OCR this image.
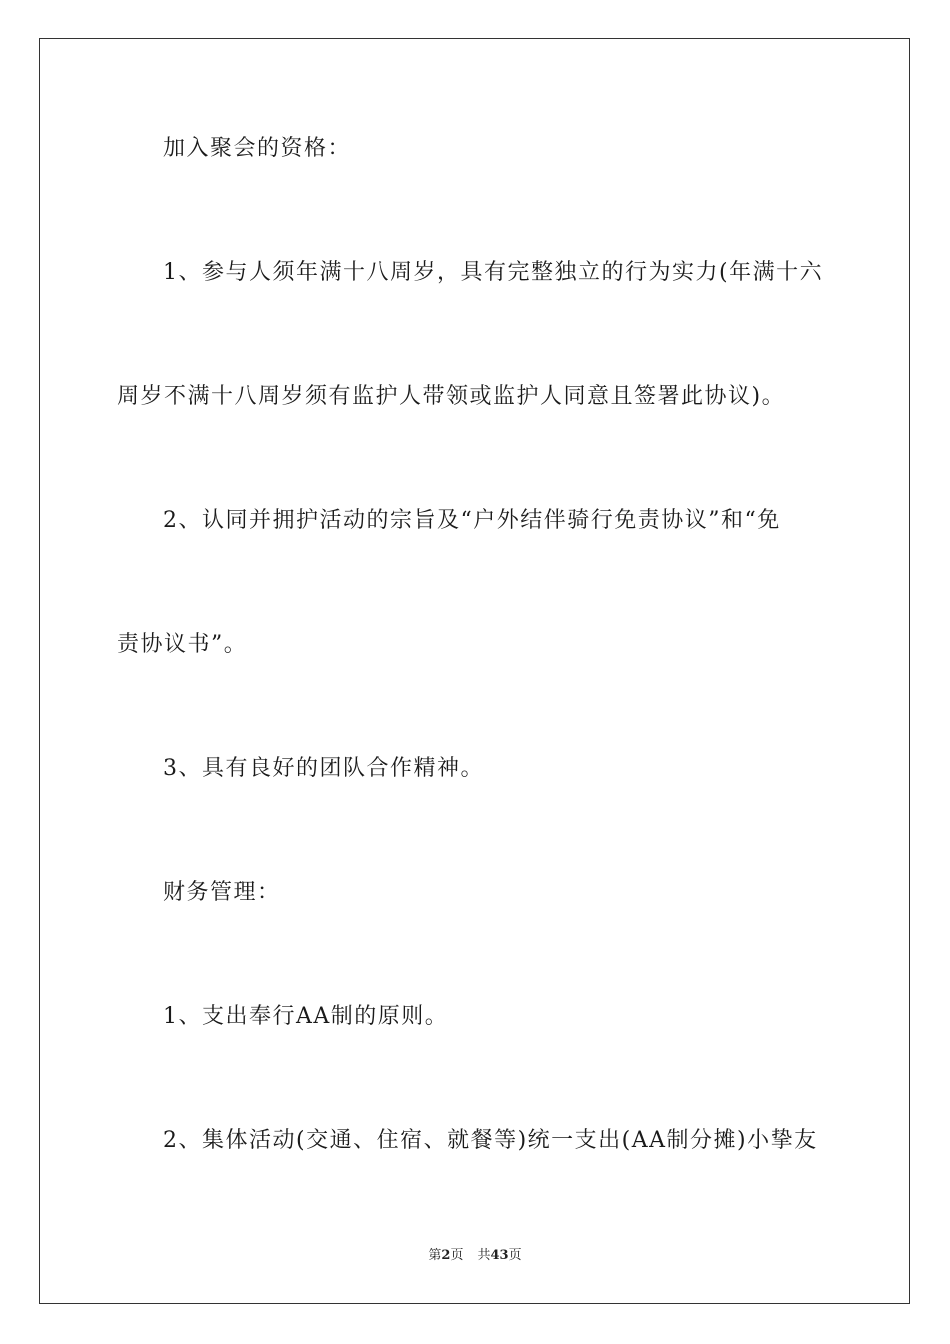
加入聚会的资格：
1、参与人须年满十八周岁，具有完整独立的行为实力(年满十六
周岁不满十八周岁须有监护人带领或监护人同意且签署此协议)。
2、认同并拥护活动的宗旨及“户外结伴骑行免责协议”和“免
责协议书”。
3、具有良好的团队合作精神。
财务管理：
1、支出奉行AA制的原则。
2、集体活动(交通、住宿、就餐等)统一支出(AA制分摊)小挚友
第2页 共43页
